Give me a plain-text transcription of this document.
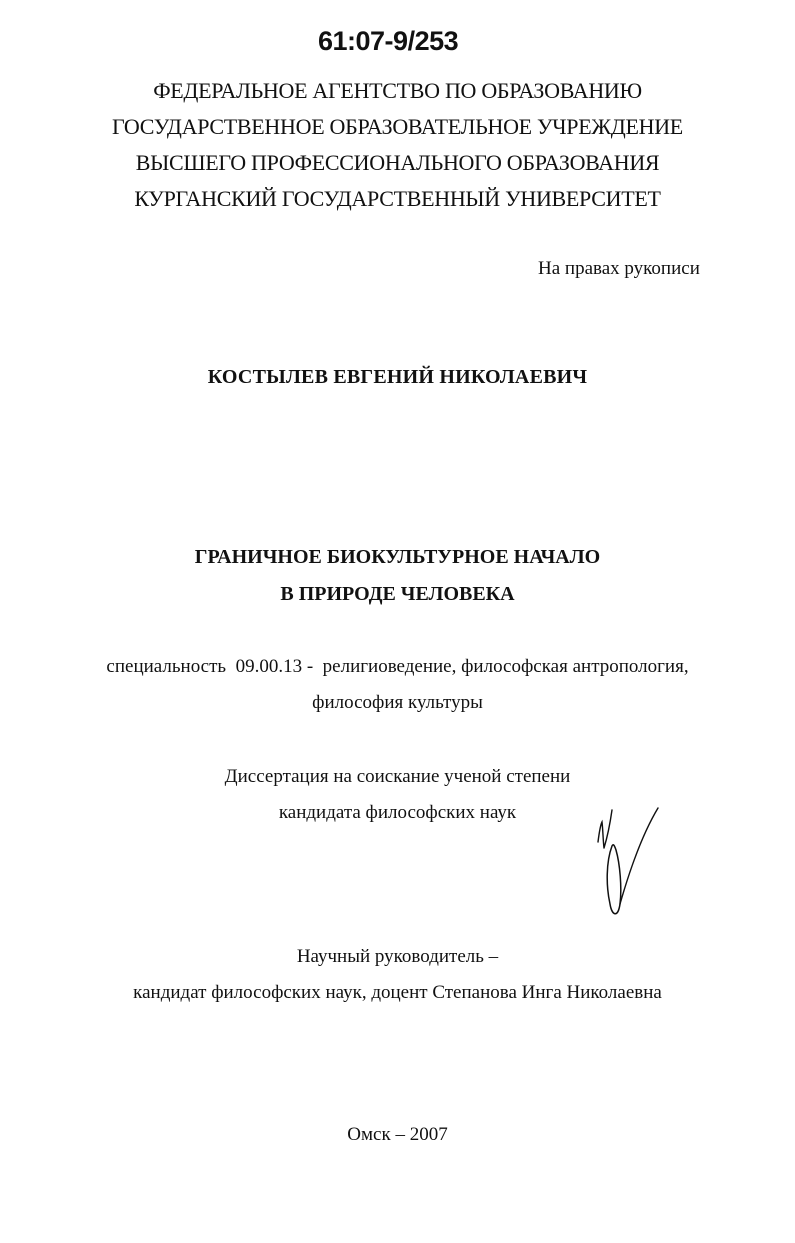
61:07-9/253
ФЕДЕРАЛЬНОЕ АГЕНТСТВО ПО ОБРАЗОВАНИЮ
ГОСУДАРСТВЕННОЕ ОБРАЗОВАТЕЛЬНОЕ УЧРЕЖДЕНИЕ
ВЫСШЕГО ПРОФЕССИОНАЛЬНОГО ОБРАЗОВАНИЯ
КУРГАНСКИЙ ГОСУДАРСТВЕННЫЙ УНИВЕРСИТЕТ
На правах рукописи
КОСТЫЛЕВ ЕВГЕНИЙ НИКОЛАЕВИЧ
ГРАНИЧНОЕ БИОКУЛЬТУРНОЕ НАЧАЛО
В ПРИРОДЕ ЧЕЛОВЕКА
специальность  09.00.13 -  религиоведение, философская антропология,
философия культуры
Диссертация на соискание ученой степени
кандидата философских наук
Научный руководитель –
кандидат философских наук, доцент Степанова Инга Николаевна
Омск – 2007
